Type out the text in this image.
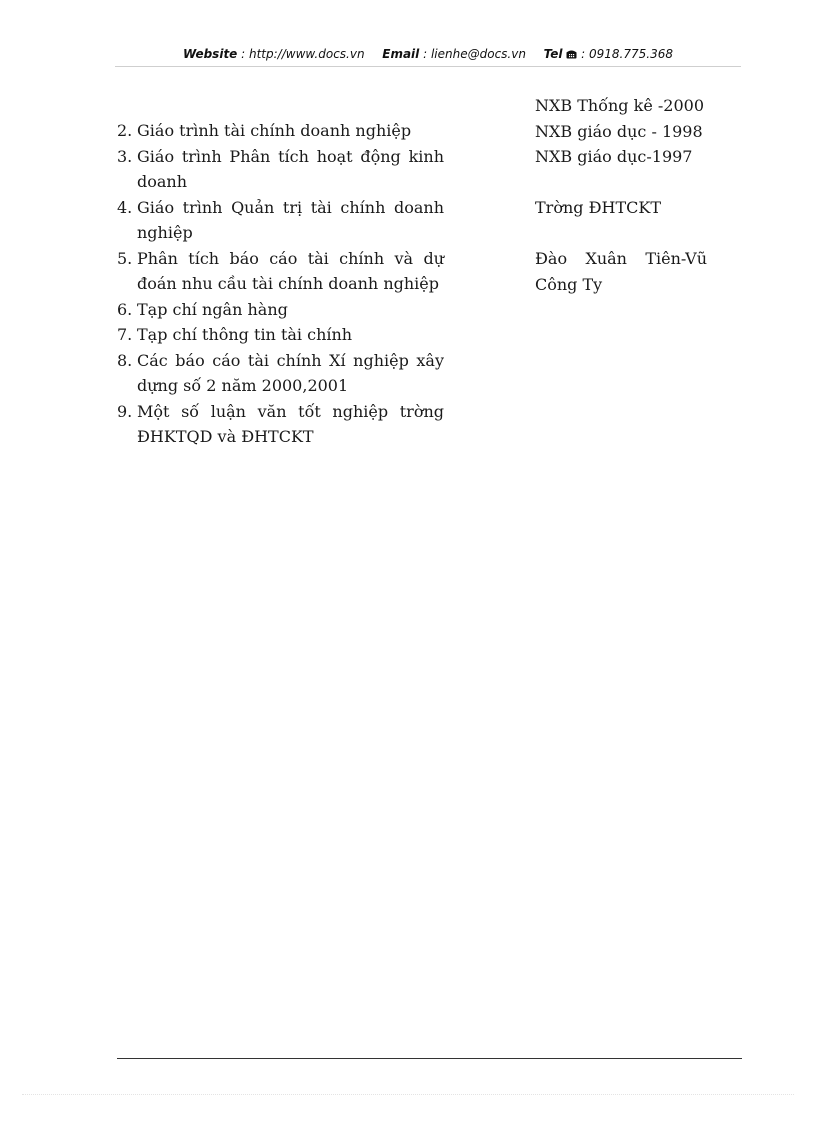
Website : http://www.docs.vn Email : lienhe@docs.vn Tel : 0918.775.368
2. Giáo trình tài chính doanh nghiệp
3. Giáo trình Phân tích hoạt động kinh doanh
4. Giáo trình Quản trị tài chính doanh nghiệp
5. Phân tích báo cáo tài chính và dự đoán nhu cầu tài chính doanh nghiệp
6. Tạp chí ngân hàng
7. Tạp chí thông tin tài chính
8. Các báo cáo tài chính Xí nghiệp xây dựng số 2 năm 2000,2001
9. Một số luận văn tốt nghiệp trờng ĐHKTQD và ĐHTCKT
NXB Thống kê -2000
NXB giáo dục - 1998
NXB giáo dục-1997
Trờng ĐHTCKT
Đào Xuân Tiên-Vũ Công Ty
